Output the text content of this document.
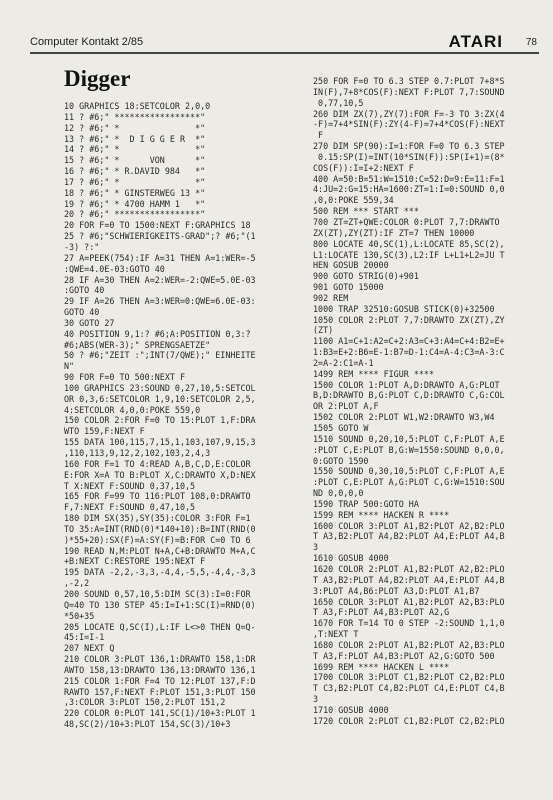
Computer Kontakt 2/85	ATARI 78
Digger
10 GRAPHICS 18:SETCOLOR 2,0,0
11 ? #6;" *****************"
12 ? #6;" *               *"
13 ? #6;" *  D I G G E R  *"
14 ? #6;" *               *"
15 ? #6;" *      VON      *"
16 ? #6;" * R.DAVID 984   *"
17 ? #6;" *               *"
18 ? #6;" * GINSTERWEG 13 *"
19 ? #6;" * 4700 HAMM 1   *"
20 ? #6;" *****************"
20 FOR F=0 TO 1500:NEXT F:GRAPHICS 18
25 ? #6;"SCHWIERIGKEITS-GRAD";? #6;"(1
-3) ?:"
27 A=PEEK(754):IF A=31 THEN A=1:WER=-5
:QWE=4.0E-03:GOTO 40
28 IF A=30 THEN A=2:WER=-2:QWE=5.0E-03
:GOTO 40
29 IF A=26 THEN A=3:WER=0:QWE=6.0E-03:
GOTO 40
30 GOTO 27
40 POSITION 9,1:? #6;A:POSITION 0,3:?
#6;ABS(WER-3);" SPRENGSAETZE"
50 ? #6;"ZEIT :";INT(7/QWE);" EINHEITE
N"
90 FOR F=0 TO 500:NEXT F
100 GRAPHICS 23:SOUND 0,27,10,5:SETCOL
OR 0,3,6:SETCOLOR 1,9,10:SETCOLOR 2,5,
4:SETCOLOR 4,0,0:POKE 559,0
150 COLOR 2:FOR F=0 TO 15:PLOT 1,F:DRA
WTO 159,F:NEXT F
155 DATA 100,115,7,15,1,103,107,9,15,3
,110,113,9,12,2,102,103,2,4,3
160 FOR F=1 TO 4:READ A,B,C,D,E:COLOR
E:FOR X=A TO B:PLOT X,C:DRAWTO X,D:NEX
T X:NEXT F:SOUND 0,37,10,5
165 FOR F=99 TO 116:PLOT 108,0:DRAWTO
F,7:NEXT F:SOUND 0,47,10,5
180 DIM SX(35),SY(35):COLOR 3:FOR F=1
TO 35:A=INT(RND(0)*140+10):B=INT(RND(0
)*55+20):SX(F)=A:SY(F)=B:FOR C=0 TO 6
190 READ N,M:PLOT N+A,C+B:DRAWTO M+A,C
+B:NEXT C:RESTORE 195:NEXT F
195 DATA -2,2,-3,3,-4,4,-5,5,-4,4,-3,3
,-2,2
200 SOUND 0,57,10,5:DIM SC(3):I=0:FOR
Q=40 TO 130 STEP 45:I=I+1:SC(I)=RND(0)
*50+35
205 LOCATE Q,SC(I),L:IF L<>0 THEN Q=Q-
45:I=I-1
207 NEXT Q
210 COLOR 3:PLOT 136,1:DRAWTO 158,1:DR
AWTO 158,13:DRAWTO 136,13:DRAWTO 136,1
215 COLOR 1:FOR F=4 TO 12:PLOT 137,F:D
RAWTO 157,F:NEXT F:PLOT 151,3:PLOT 150
,3:COLOR 3:PLOT 150,2:PLOT 151,2
220 COLOR 0:PLOT 141,SC(1)/10+3:PLOT 1
48,SC(2)/10+3:PLOT 154,SC(3)/10+3

250 FOR F=0 TO 6.3 STEP 0.7:PLOT 7+8*S
IN(F),7+8*COS(F):NEXT F:PLOT 7,7:SOUND
0,77,10,5
260 DIM ZX(7),ZY(7):FOR F=-3 TO 3:ZX(4
-F)=7+4*SIN(F):ZY(4-F)=7+4*COS(F):NEXT
F
270 DIM SP(90):I=1:FOR F=0 TO 6.3 STEP
0.15:SP(I)=INT(10*SIN(F)):SP(I+1)=(8*
COS(F)):I=I+2:NEXT F
400 A=50:B=51:W=1510:C=52:D=9:E=11:F=1
4:JU=2:G=15:HA=1600:ZT=1:I=0:SOUND 0,0
,0,0:POKE 559,34
500 REM *** START ***
700 ZT=ZT+QWE:COLOR 0:PLOT 7,7:DRAWTO
ZX(ZT),ZY(ZT):IF ZT=7 THEN 10000
800 LOCATE 40,SC(1),L:LOCATE 85,SC(2),
L1:LOCATE 130,SC(3),L2:IF L+L1+L2=JU T
HEN GOSUB 20000
900 GOTO STRIG(0)+901
901 GOTO 15000
902 REM
1000 TRAP 32510:GOSUB STICK(0)+32500
1050 COLOR 2:PLOT 7,7:DRAWTO ZX(ZT),ZY
(ZT)
1100 A1=C+1:A2=C+2:A3=C+3:A4=C+4:B2=E+
1:B3=E+2:B6=E-1:B7=D-1:C4=A-4:C3=A-3:C
2=A-2:C1=A-1
1499 REM **** FIGUR ****
1500 COLOR 1:PLOT A,D:DRAWTO A,G:PLOT
B,D:DRAWTO B,G:PLOT C,D:DRAWTO C,G:COL
OR 2:PLOT A,F
1502 COLOR 2:PLOT W1,W2:DRAWTO W3,W4
1505 GOTO W
1510 SOUND 0,20,10,5:PLOT C,F:PLOT A,E
:PLOT C,E:PLOT B,G:W=1550:SOUND 0,0,0,
0:GOTO 1590
1550 SOUND 0,30,10,5:PLOT C,F:PLOT A,E
:PLOT C,E:PLOT A,G:PLOT C,G:W=1510:SOU
ND 0,0,0,0
1590 TRAP 500:GOTO HA
1599 REM **** HACKEN R ****
1600 COLOR 3:PLOT A1,B2:PLOT A2,B2:PLO
T A3,B2:PLOT A4,B2:PLOT A4,E:PLOT A4,B
3
1610 GOSUB 4000
1620 COLOR 2:PLOT A1,B2:PLOT A2,B2:PLO
T A3,B2:PLOT A4,B2:PLOT A4,E:PLOT A4,B
3:PLOT A4,B6:PLOT A3,D:PLOT A1,B7
1650 COLOR 3:PLOT A1,B2:PLOT A2,B3:PLO
T A3,F:PLOT A4,B3:PLOT A2,G
1670 FOR T=14 TO 0 STEP -2:SOUND 1,1,0
,T:NEXT T
1680 COLOR 2:PLOT A1,B2:PLOT A2,B3:PLO
T A3,F:PLOT A4,B3:PLOT A2,G:GOTO 500
1699 REM **** HACKEN L ****
1700 COLOR 3:PLOT C1,B2:PLOT C2,B2:PLO
T C3,B2:PLOT C4,B2:PLOT C4,E:PLOT C4,B
3
1710 GOSUB 4000
1720 COLOR 2:PLOT C1,B2:PLOT C2,B2:PLO
